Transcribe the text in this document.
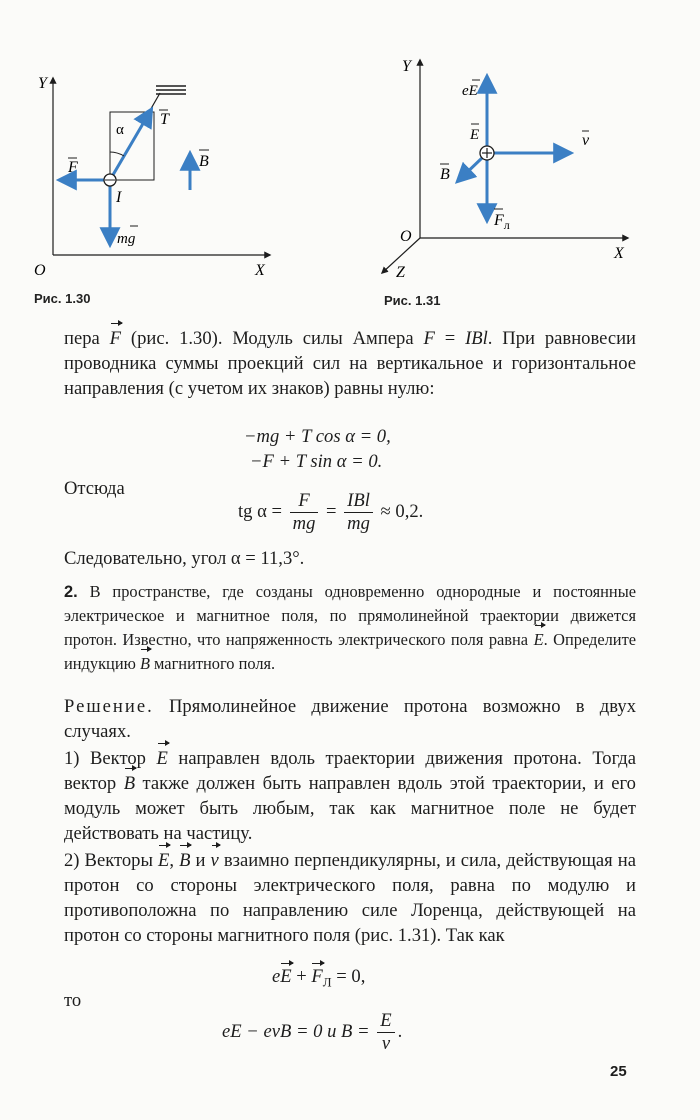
Y
X
O
T
α
F
mg
I
B
Рис. 1.30
Y
X
Z
O
eE
E	v
B
$F_л$
Рис. 1.31
пера F (рис. 1.30). Модуль силы Ампера F = IBl. При равновесии проводника суммы проекций сил на вертикальное и горизонтальное направления (с учетом их знаков) равны нулю:
−mg + T cos α = 0,
−F + T sin α = 0.
Отсюда
tg $\alpha = \frac{F}{mg} = \frac{\text{IBl}}{mg} \approx 0,2$.
Следовательно, угол α = 11,3°.
2. В пространстве, где созданы одновременно однородные и постоянные электрическое и магнитное поля, по прямолинейной траектории движется протон. Известно, что напряженность электрического поля равна E. Определите индукцию B магнитного поля.
Решение. Прямолинейное движение протона возможно в двух случаях.
1) Вектор E направлен вдоль траектории движения протона. Тогда вектор B также должен быть направлен вдоль этой траектории, и его модуль может быть любым, так как магнитное поле не будет действовать на частицу.
2) Векторы E, B и v взаимно перпендикулярны, и сила, действующая на протон со стороны электрического поля, равна по модулю и противоположна по направлению силе Лоренца, действующей на протон со стороны магнитного поля (рис. 1.31). Так как
eE + $F_Л = 0$,
то
eE − evB = 0 и $B = \frac{E}{v}$ .
25
